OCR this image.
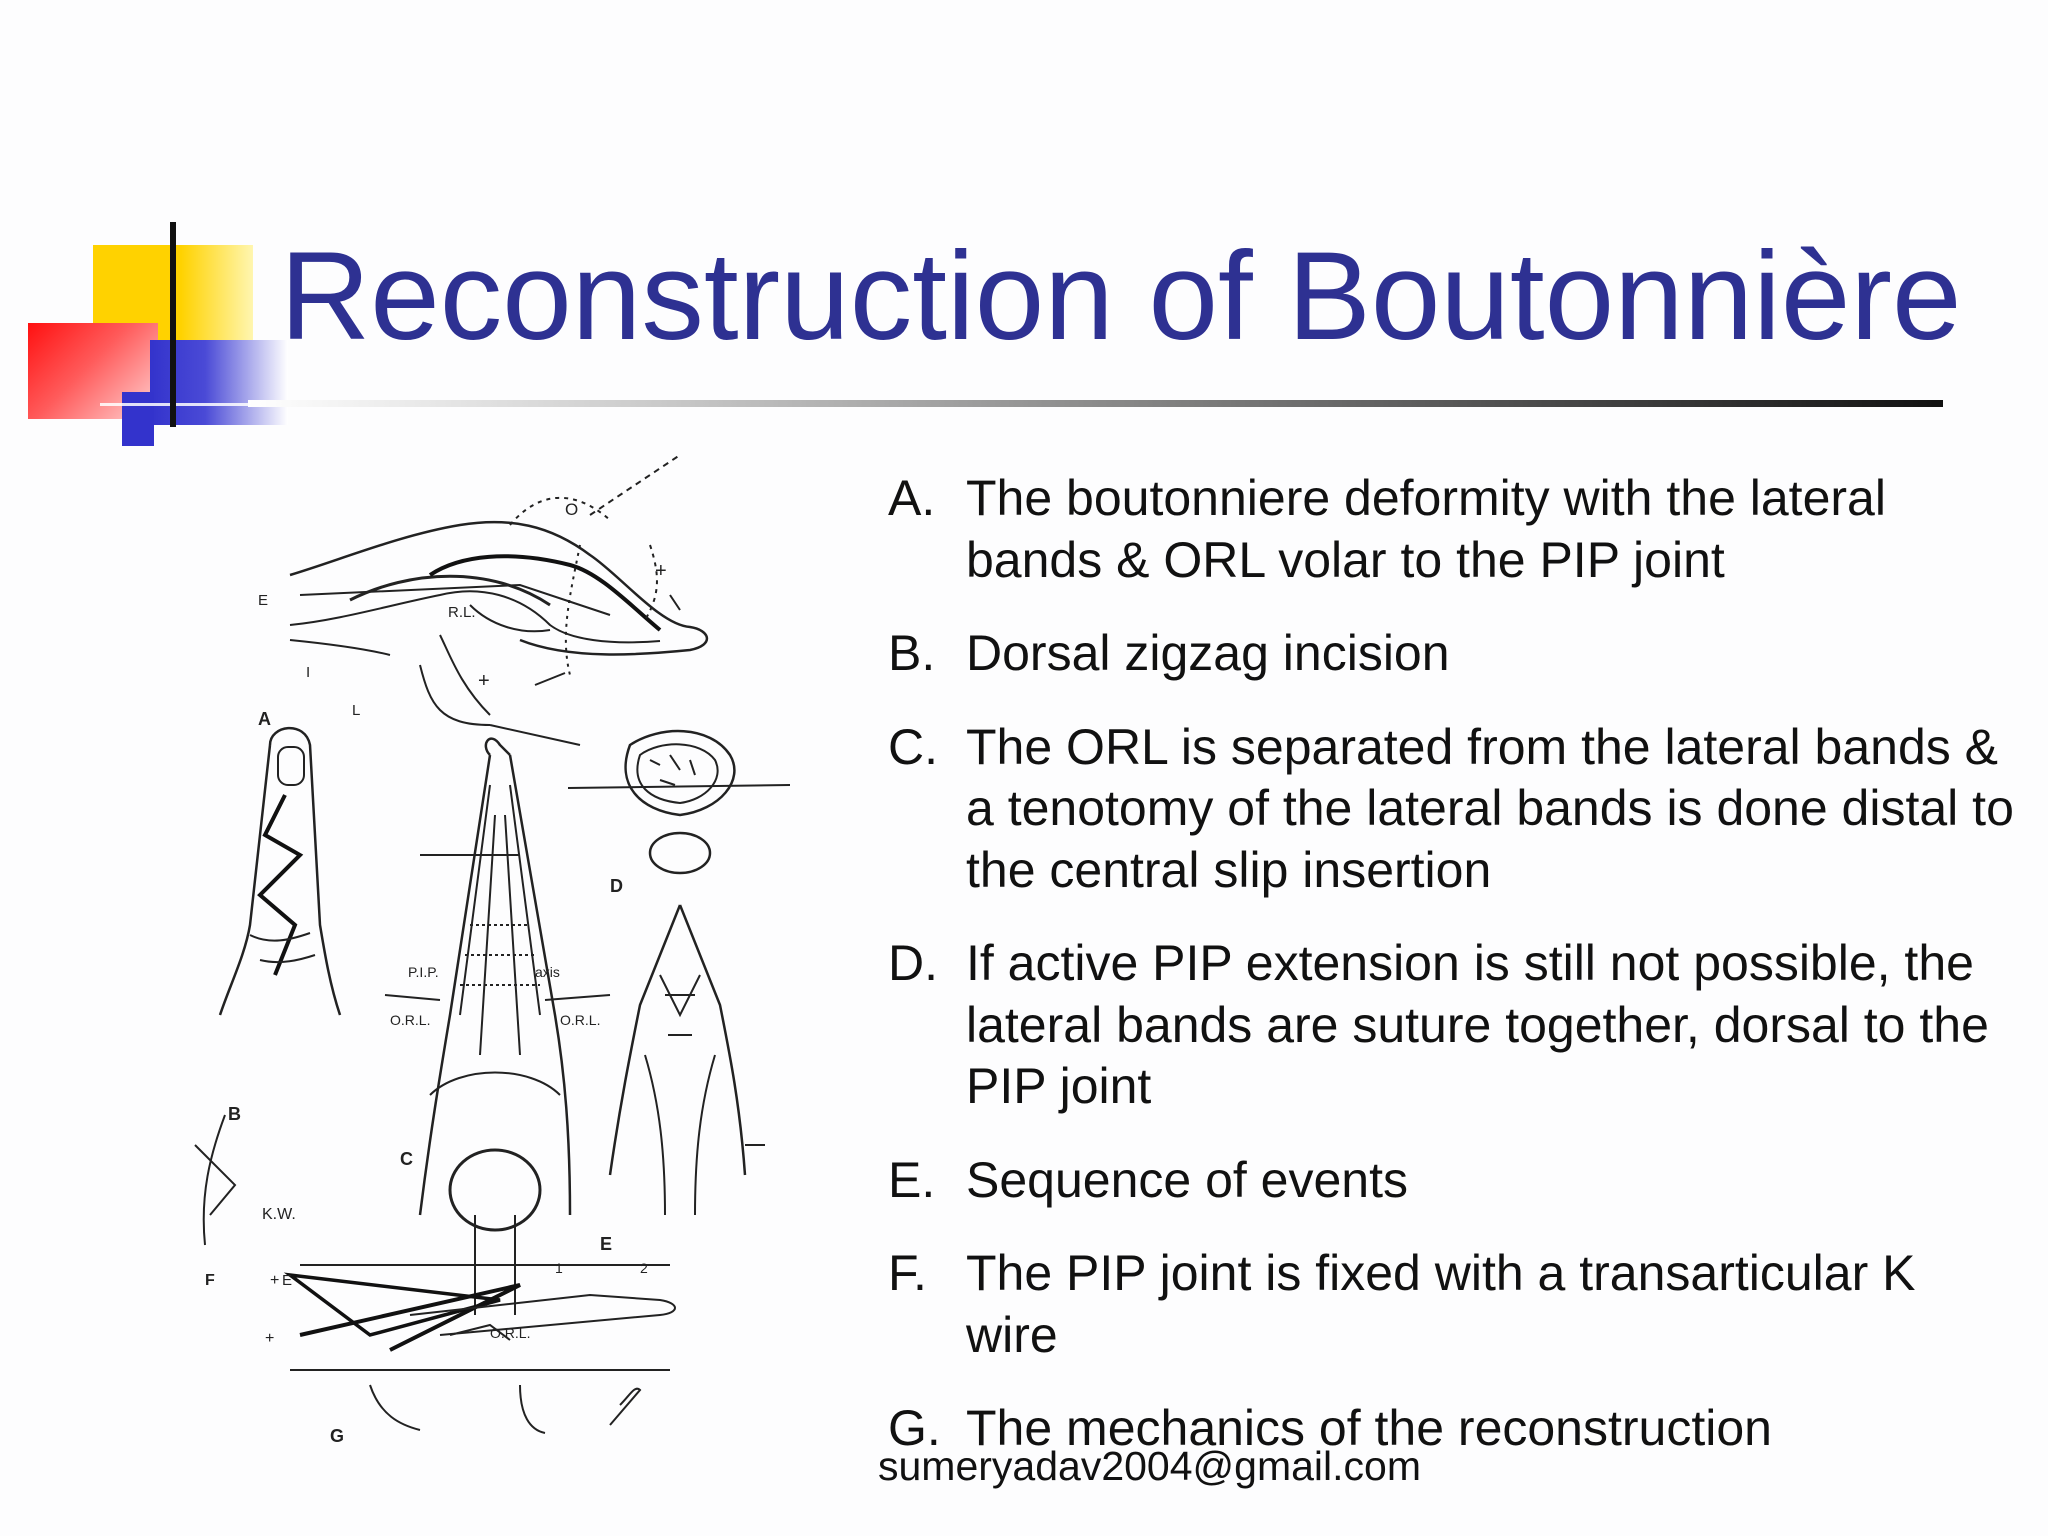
Reconstruction of Boutonnière
E
I
L
O
+
+
R.L.
A
B
K.W.
F
P.I.P.	axis
O.R.L.	O.R.L.
C
D
E
+ E
+	O.R.L.
1	2
G
A. The boutonniere deformity with the lateral bands & ORL volar to the PIP joint
B. Dorsal zigzag incision
C. The ORL is separated from the lateral bands & a tenotomy of the lateral bands is done distal to the central slip insertion
D. If active PIP extension is still not possible, the lateral bands are suture together, dorsal to the PIP joint
E. Sequence of events
F. The PIP joint is fixed with a transarticular K wire
G. The mechanics of the reconstruction
sumeryadav2004@gmail.com
